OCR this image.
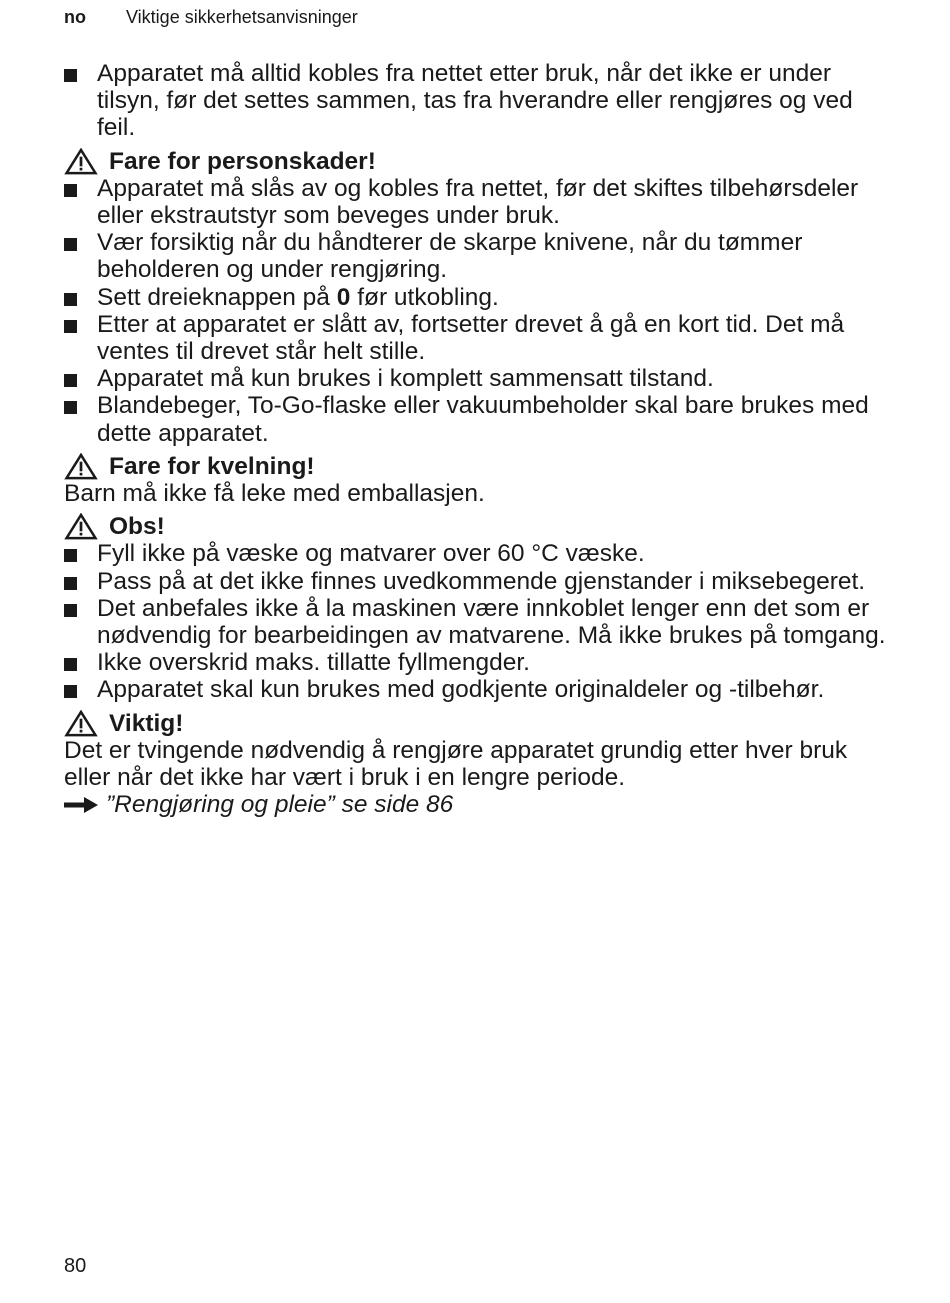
no Viktige sikkerhetsanvisninger
Apparatet må alltid kobles fra nettet etter bruk, når det ikke er under tilsyn, før det settes sammen, tas fra hverandre eller rengjøres og ved feil.
Fare for personskader!
Apparatet må slås av og kobles fra nettet, før det skiftes tilbehørsdeler eller ekstrautstyr som beveges under bruk.
Vær forsiktig når du håndterer de skarpe knivene, når du tømmer beholderen og under rengjøring.
Sett dreieknappen på 0 før utkobling.
Etter at apparatet er slått av, fortsetter drevet å gå en kort tid. Det må ventes til drevet står helt stille.
Apparatet må kun brukes i komplett sammensatt tilstand.
Blandebeger, To-Go-flaske eller vakuumbeholder skal bare brukes med dette apparatet.
Fare for kvelning!
Barn må ikke få leke med emballasjen.
Obs!
Fyll ikke på væske og matvarer over 60 °C væske.
Pass på at det ikke finnes uvedkommende gjenstander i miksebegeret.
Det anbefales ikke å la maskinen være innkoblet lenger enn det som er nødvendig for bearbeidingen av matvarene. Må ikke brukes på tomgang.
Ikke overskrid maks. tillatte fyllmengder.
Apparatet skal kun brukes med godkjente originaldeler og -tilbehør.
Viktig!
Det er tvingende nødvendig å rengjøre apparatet grundig etter hver bruk eller når det ikke har vært i bruk i en lengre periode.
”Rengjøring og pleie” se side 86
80
